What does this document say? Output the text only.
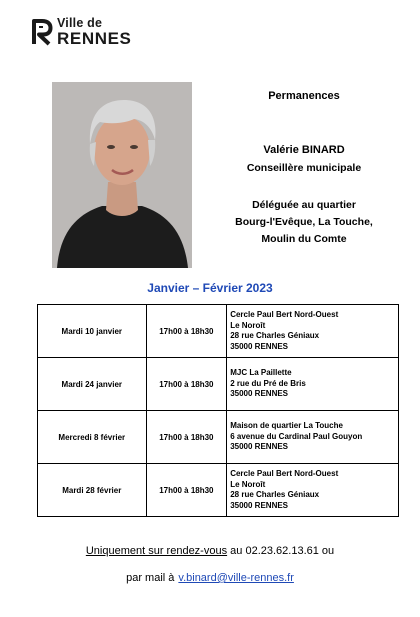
Ville de
RENNES
Permanences
Valérie BINARD
Conseillère municipale
Déléguée au quartier
Bourg-l'Evêque, La Touche,
Moulin du Comte
Janvier – Février 2023
Mardi 10 janvier	17h00 à 18h30	Cercle Paul Bert Nord-Ouest
Le Noroît
28 rue Charles Géniaux
35000 RENNES

Mardi 24 janvier	17h00 à 18h30	MJC La Paillette
2 rue du Pré de Bris
35000 RENNES

Mercredi 8 février	17h00 à 18h30	Maison de quartier La Touche
6 avenue du Cardinal Paul Gouyon
35000 RENNES

Mardi 28 février	17h00 à 18h30	Cercle Paul Bert Nord-Ouest
Le Noroît
28 rue Charles Géniaux
35000 RENNES
Uniquement sur rendez-vous au 02.23.62.13.61 ou
par mail à v.binard@ville-rennes.fr
